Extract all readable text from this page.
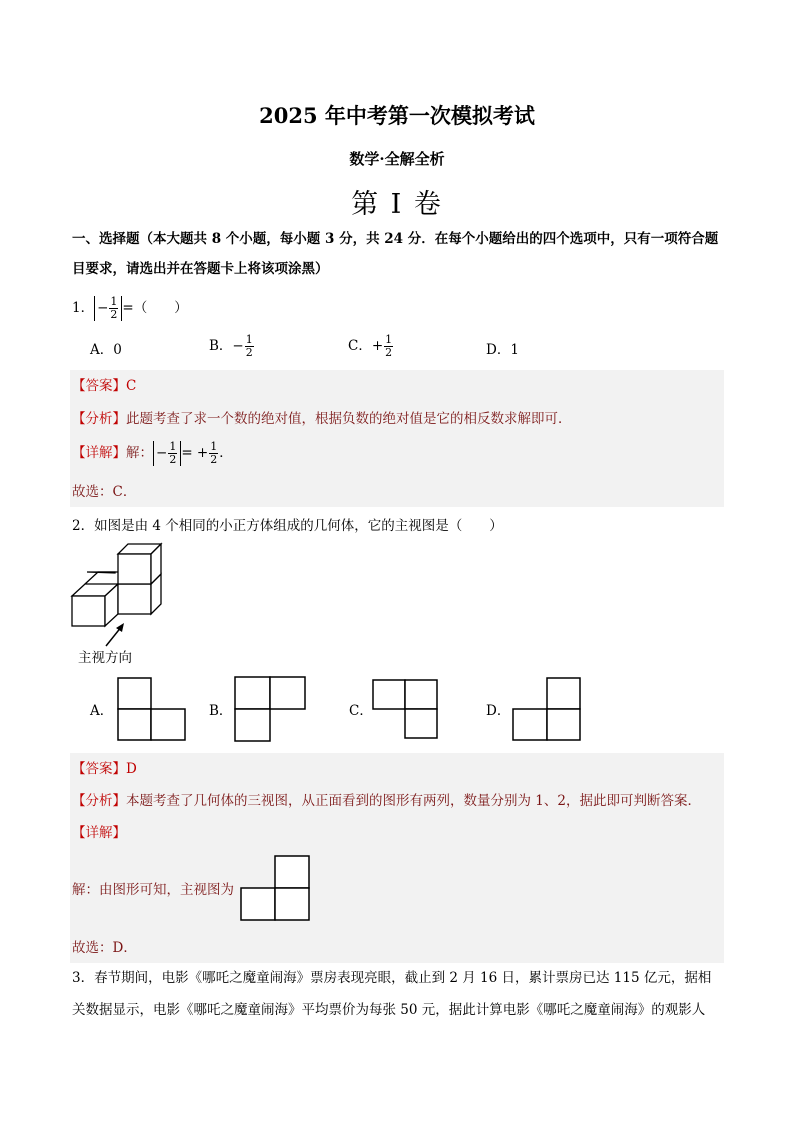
2025 年中考第一次模拟考试
数学·全解全析
第 I 卷
一、选择题（本大题共 8 个小题，每小题 3 分，共 24 分．在每个小题给出的四个选项中，只有一项符合题
目要求，请选出并在答题卡上将该项涂黑）
1． − $\frac{1}{2}$ =（　　）
A．0	B．− $\frac{1}{2}$	C．+ $\frac{1}{2}$	D．1
【答案】C
【分析】此题考查了求一个数的绝对值，根据负数的绝对值是它的相反数求解即可．
【详解】解： − $\frac{1}{2}$ = + $\frac{1}{2}$ ．
故选：C．
2．如图是由 4 个相同的小正方体组成的几何体，它的主视图是（　　）
主视方向
A．	B．	C．	D．
【答案】D
【分析】本题考查了几何体的三视图，从正面看到的图形有两列，数量分别为 1、2，据此即可判断答案．
【详解】
解：由图形可知，主视图为
故选：D．
3．春节期间，电影《哪吒之魔童闹海》票房表现亮眼，截止到 2 月 16 日，累计票房已达 115 亿元，据相
关数据显示，电影《哪吒之魔童闹海》平均票价为每张 50 元，据此计算电影《哪吒之魔童闹海》的观影人
